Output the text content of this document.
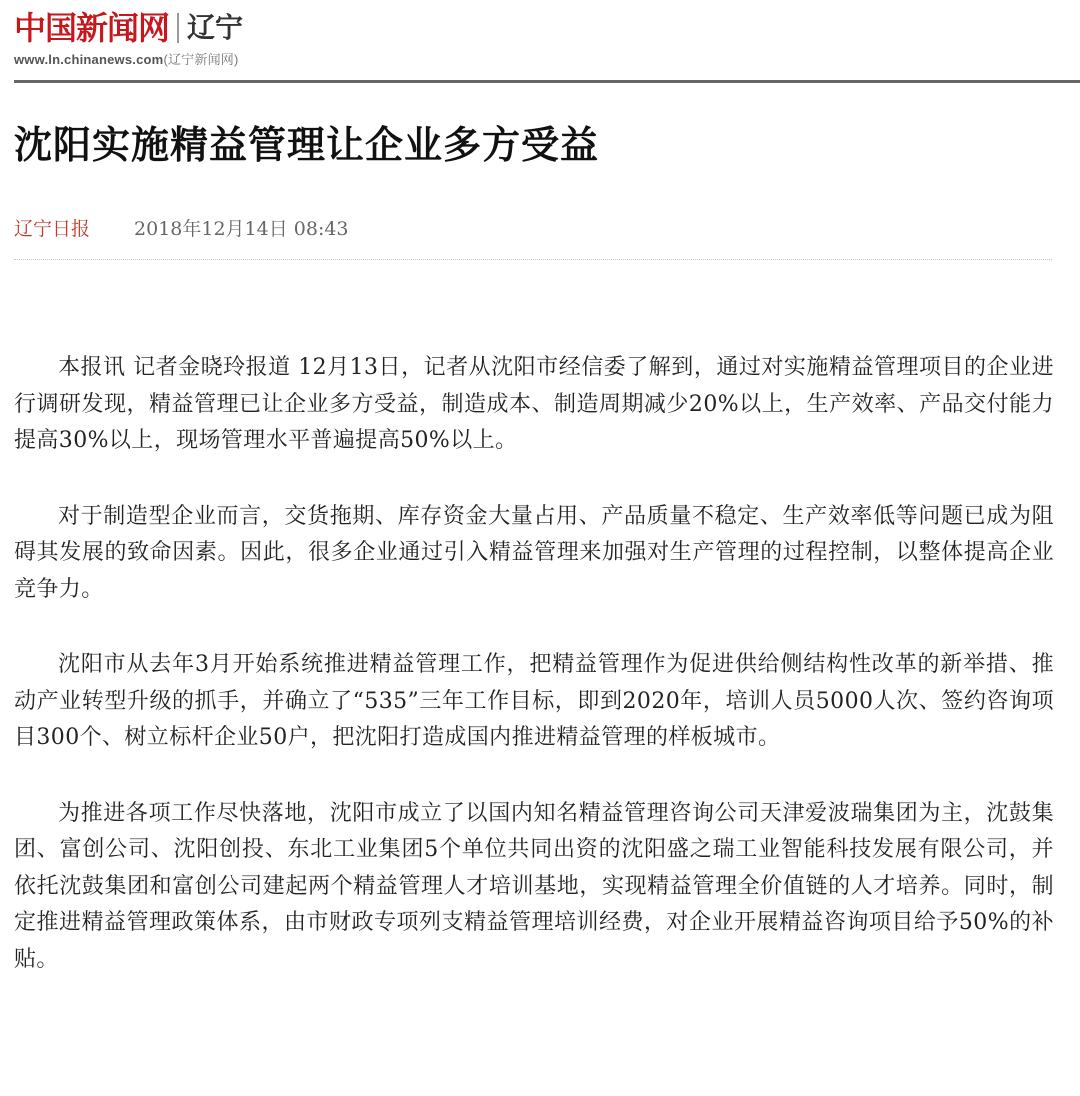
中国新闻网 辽宁
www.ln.chinanews.com(辽宁新闻网)
沈阳实施精益管理让企业多方受益
辽宁日报 2018年12月14日 08:43

本报讯 记者金晓玲报道 12月13日，记者从沈阳市经信委了解到，通过对实施精益管理项目的企业进行调研发现，精益管理已让企业多方受益，制造成本、制造周期减少20%以上，生产效率、产品交付能力提高30%以上，现场管理水平普遍提高50%以上。

对于制造型企业而言，交货拖期、库存资金大量占用、产品质量不稳定、生产效率低等问题已成为阻碍其发展的致命因素。因此，很多企业通过引入精益管理来加强对生产管理的过程控制，以整体提高企业竞争力。

沈阳市从去年3月开始系统推进精益管理工作，把精益管理作为促进供给侧结构性改革的新举措、推动产业转型升级的抓手，并确立了“535”三年工作目标，即到2020年，培训人员5000人次、签约咨询项目300个、树立标杆企业50户，把沈阳打造成国内推进精益管理的样板城市。

为推进各项工作尽快落地，沈阳市成立了以国内知名精益管理咨询公司天津爱波瑞集团为主，沈鼓集团、富创公司、沈阳创投、东北工业集团5个单位共同出资的沈阳盛之瑞工业智能科技发展有限公司，并依托沈鼓集团和富创公司建起两个精益管理人才培训基地，实现精益管理全价值链的人才培养。同时，制定推进精益管理政策体系，由市财政专项列支精益管理培训经费，对企业开展精益咨询项目给予50%的补贴。
